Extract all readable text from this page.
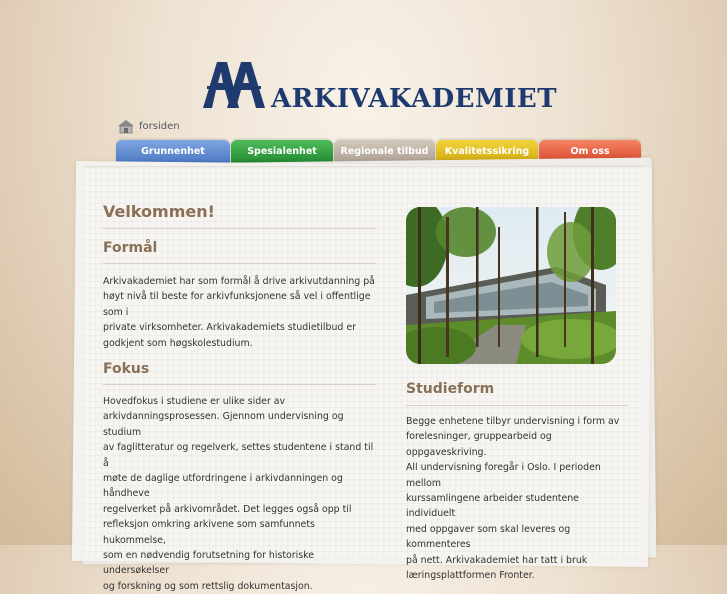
ARKIVAKADEMIET
forsiden
Grunnenhet	Spesialenhet	Regionale tilbud	Kvalitetssikring	Om oss
Velkommen!
Formål
Arkivakademiet har som formål å drive arkivutdanning på
høyt nivå til beste for arkivfunksjonene så vel i offentlige som i
private virksomheter. Arkivakademiets studietilbud er
godkjent som høgskolestudium.
Fokus
Hovedfokus i studiene er ulike sider av
arkivdanningsprosessen. Gjennom undervisning og studium
av faglitteratur og regelverk, settes studentene i stand til å
møte de daglige utfordringene i arkivdanningen og håndheve
regelverket på arkivområdet. Det legges også opp til
refleksjon omkring arkivene som samfunnets hukommelse,
som en nødvendig forutsetning for historiske undersøkelser
og forskning og som rettslig dokumentasjon.
Studieform
Begge enhetene tilbyr undervisning i form av
forelesninger, gruppearbeid og oppgaveskriving.
All undervisning foregår i Oslo. I perioden mellom
kurssamlingene arbeider studentene individuelt
med oppgaver som skal leveres og kommenteres
på nett. Arkivakademiet har tatt i bruk
læringsplattformen Fronter.
